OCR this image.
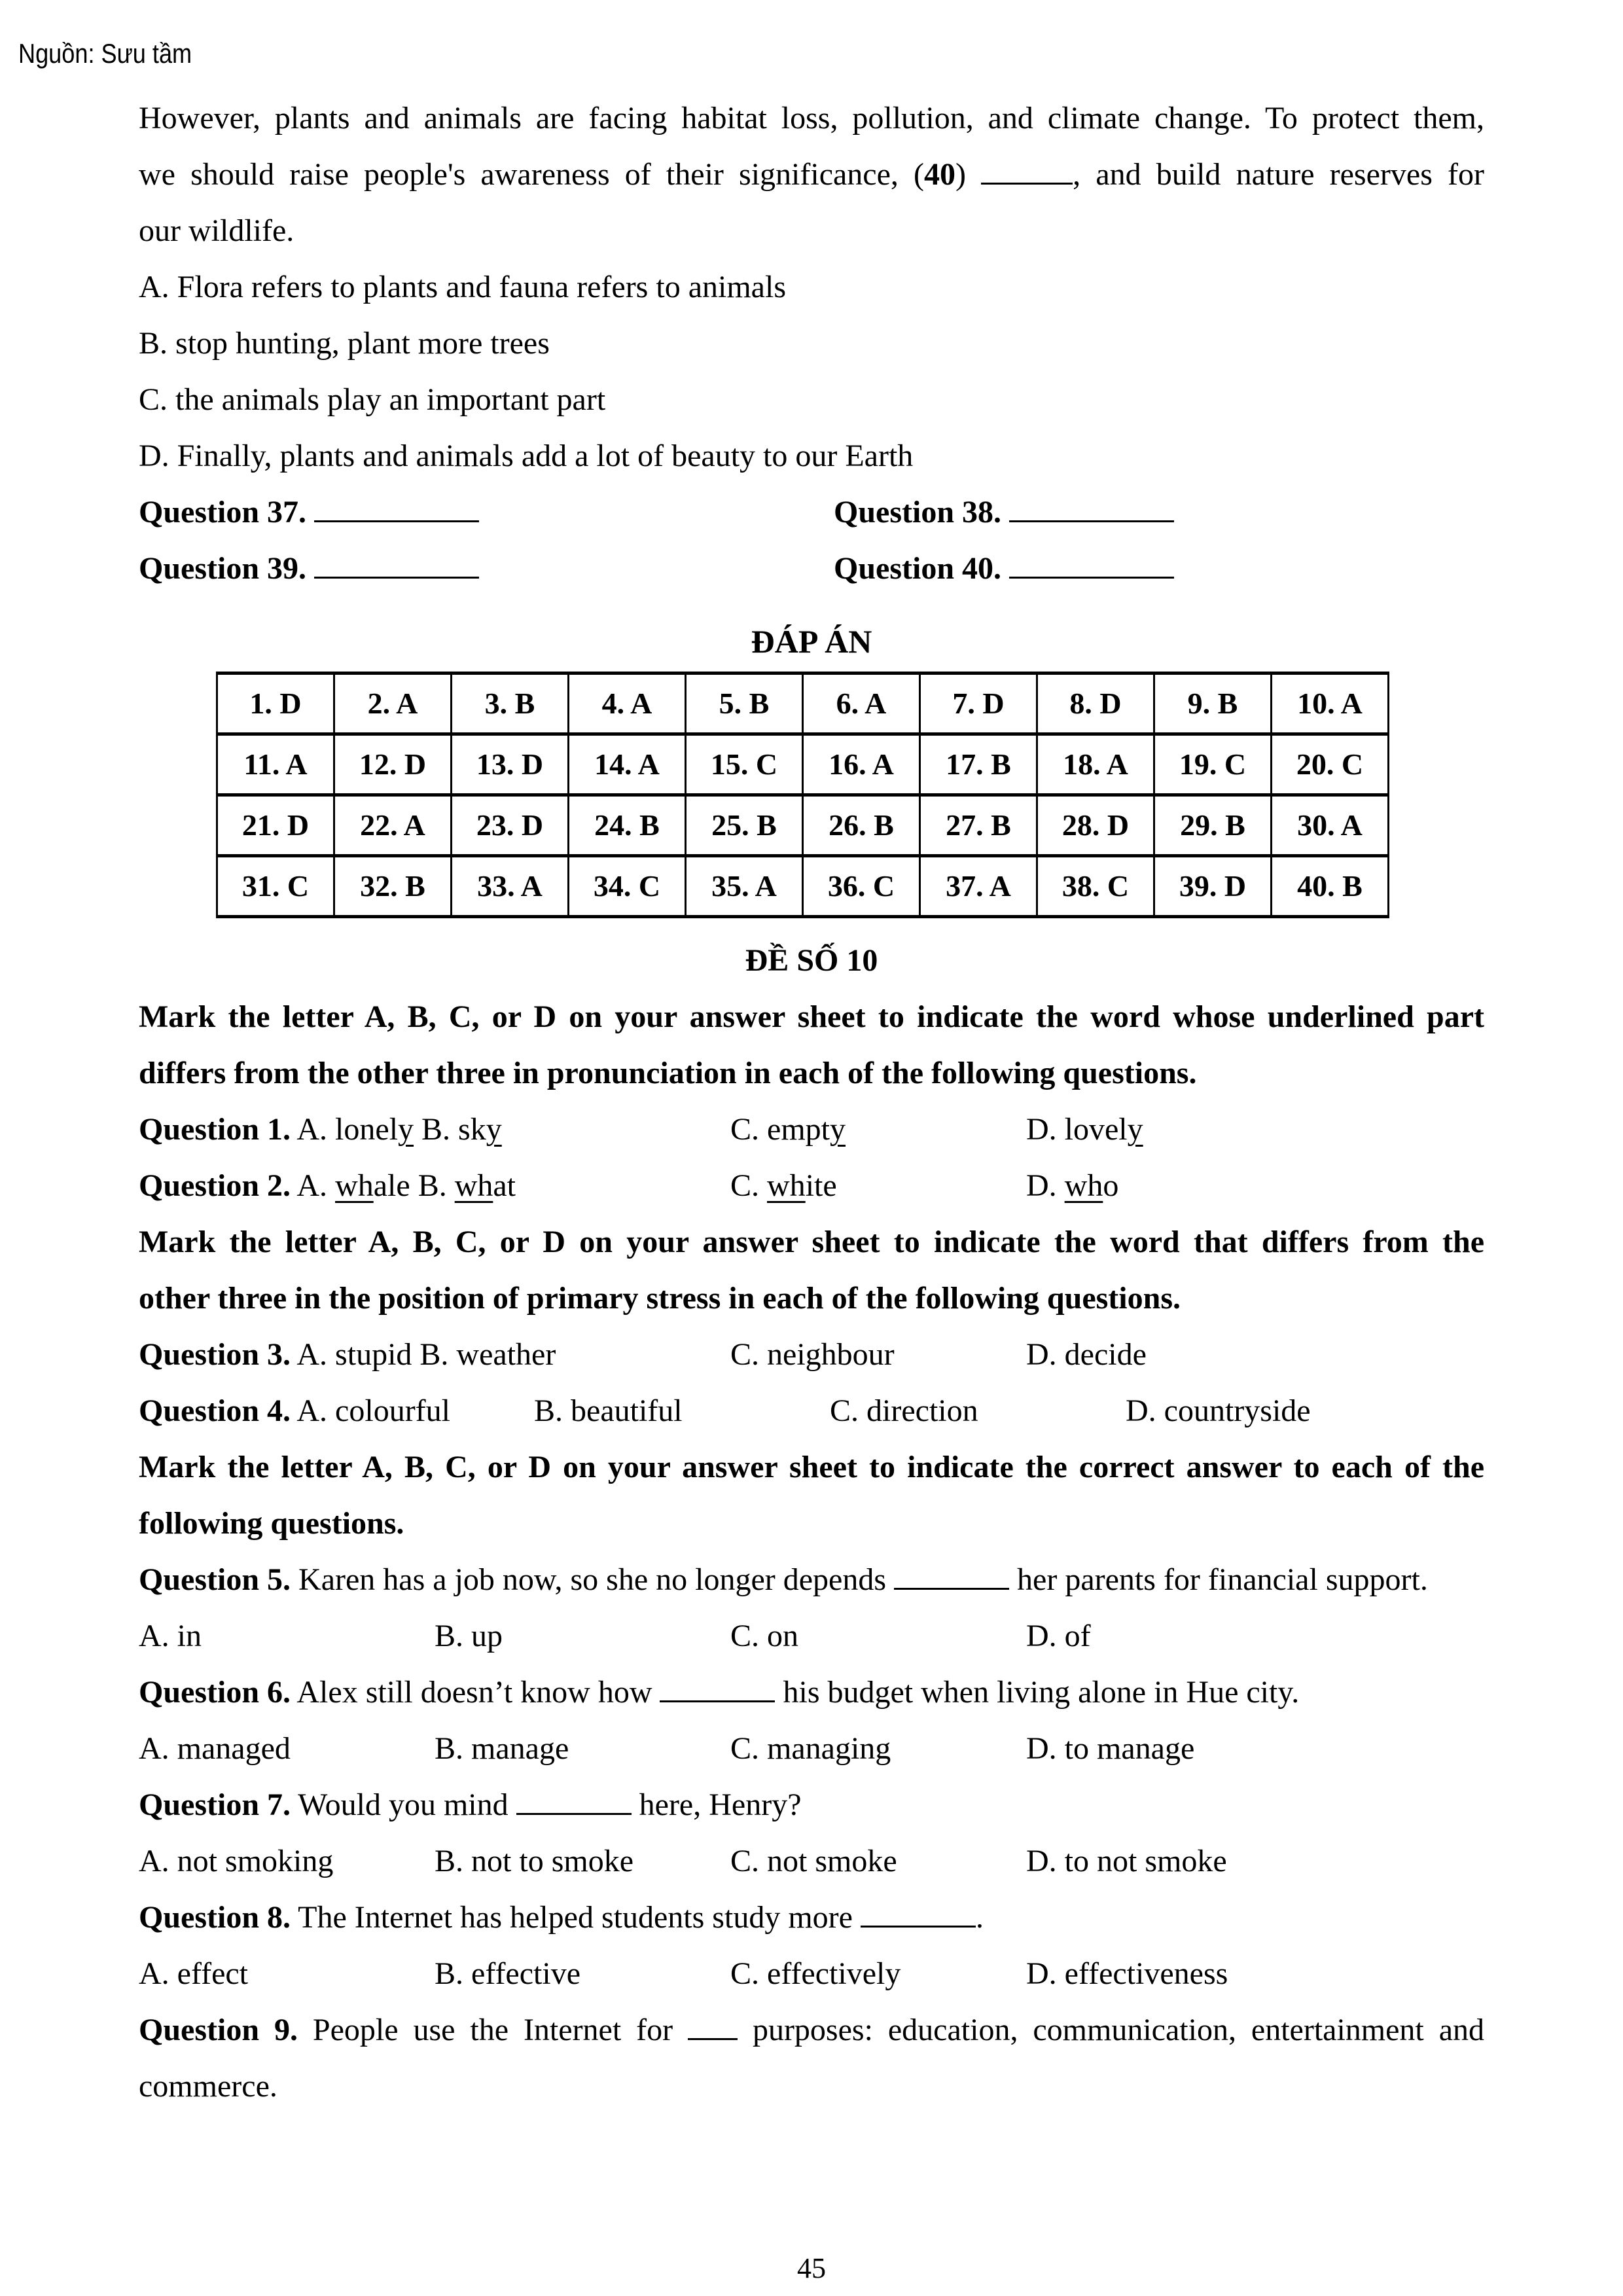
Nguồn: Sưu tầm
However, plants and animals are facing habitat loss, pollution, and climate change. To protect them,
we should raise people's awareness of their significance, (40)	, and build nature reserves for
our wildlife.
A. Flora refers to plants and fauna refers to animals
B. stop hunting, plant more trees
C. the animals play an important part
D. Finally, plants and animals add a lot of beauty to our Earth
Question 37.	Question 38.
Question 39.	Question 40.
ĐÁP ÁN
1. D	2. A	3. B	4. A	5. B	6. A	7. D	8. D	9. B	10. A
11. A	12. D	13. D	14. A	15. C	16. A	17. B	18. A	19. C	20. C
21. D	22. A	23. D	24. B	25. B	26. B	27. B	28. D	29. B	30. A
31. C	32. B	33. A	34. C	35. A	36. C	37. A	38. C	39. D	40. B
ĐỀ SỐ 10
Mark the letter A, B, C, or D on your answer sheet to indicate the word whose underlined part
differs from the other three in pronunciation in each of the following questions.
Question 1. A. lonely B. sky	C. empty	D. lovely
Question 2. A. whale B. what	C. white	D. who
Mark the letter A, B, C, or D on your answer sheet to indicate the word that differs from the
other three in the position of primary stress in each of the following questions.
Question 3. A. stupid B. weather	C. neighbour	D. decide
Question 4. A. colourful	B. beautiful	C. direction	D. countryside
Mark the letter A, B, C, or D on your answer sheet to indicate the correct answer to each of the
following questions.
Question 5. Karen has a job now, so she no longer depends	her parents for financial support.
A. in	B. up	C. on	D. of
Question 6. Alex still doesn’t know how	his budget when living alone in Hue city.
A. managed	B. manage	C. managing	D. to manage
Question 7. Would you mind	here, Henry?
A. not smoking	B. not to smoke	C. not smoke	D. to not smoke
Question 8. The Internet has helped students study more	.
A. effect	B. effective	C. effectively	D. effectiveness
Question 9. People use the Internet for  purposes: education, communication, entertainment and
commerce.
45
